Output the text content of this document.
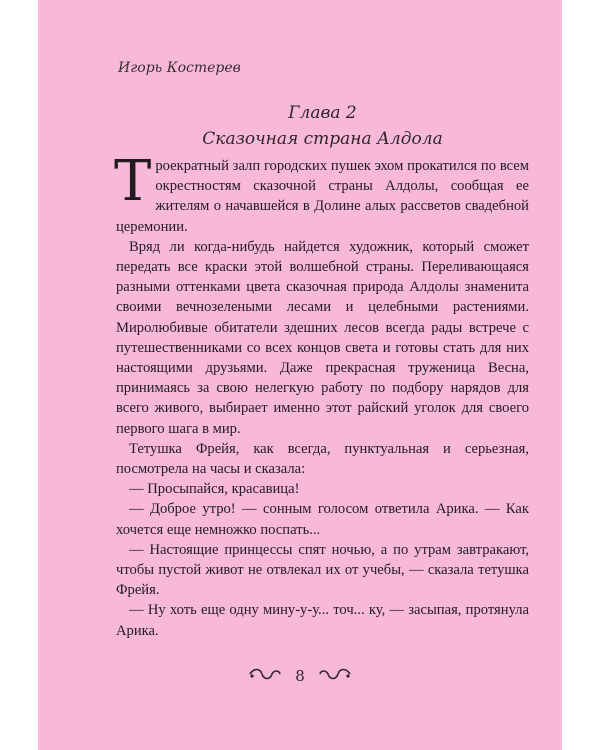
Игорь Костерев
Глава 2
Сказочная страна Алдола

Троекратный залп городских пушек эхом прокатился по всем окрестностям сказочной страны Алдолы, сообщая ее жителям о начавшейся в Долине алых рассветов свадебной церемонии.

Вряд ли когда-нибудь найдется художник, который сможет передать все краски этой волшебной страны. Переливающаяся разными оттенками цвета сказочная природа Алдолы знаменита своими вечнозелеными лесами и целебными растениями. Миролюбивые обитатели здешних лесов всегда рады встрече с путешественниками со всех концов света и готовы стать для них настоящими друзьями. Даже прекрасная труженица Весна, принимаясь за свою нелегкую работу по подбору нарядов для всего живого, выбирает именно этот райский уголок для своего первого шага в мир.

Тетушка Фрейя, как всегда, пунктуальная и серьезная, посмотрела на часы и сказала:

— Просыпайся, красавица!

— Доброе утро! — сонным голосом ответила Арика. — Как хочется еще немножко поспать...

— Настоящие принцессы спят ночью, а по утрам завтракают, чтобы пустой живот не отвлекал их от учебы, — сказала тетушка Фрейя.

— Ну хоть еще одну мину-у-у... точ... ку, — засыпая, протянула Арика.

8
